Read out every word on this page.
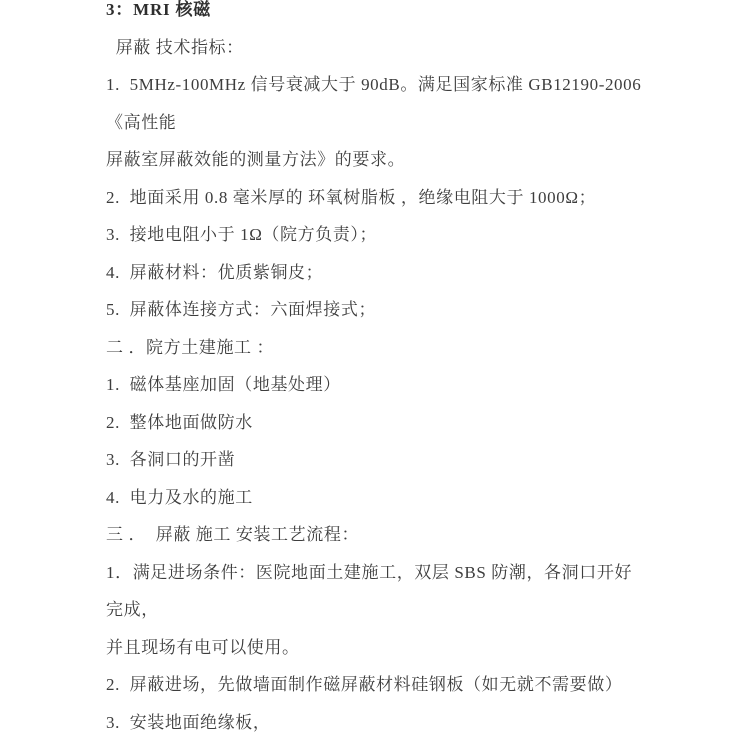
3：MRI 核磁

屏蔽 技术指标：

1.  5MHz-100MHz 信号衰减大于 90dB。满足国家标准 GB12190-2006

《高性能

屏蔽室屏蔽效能的测量方法》的要求。

2.  地面采用 0.8 毫米厚的 环氧树脂板 ，绝缘电阻大于 1000Ω；

3.  接地电阻小于 1Ω（院方负责）；

4.  屏蔽材料：优质紫铜皮；

5.  屏蔽体连接方式：六面焊接式；

二 ．院方土建施工 ：

1.  磁体基座加固（地基处理）

2.  整体地面做防水

3.  各洞口的开凿

4.  电力及水的施工

三 ．  屏蔽 施工 安装工艺流程：

1．满足进场条件：医院地面土建施工，双层 SBS 防潮，各洞口开好

完成，

并且现场有电可以使用。

2.  屏蔽进场，先做墙面制作磁屏蔽材料硅钢板（如无就不需要做）

3.  安装地面绝缘板，
